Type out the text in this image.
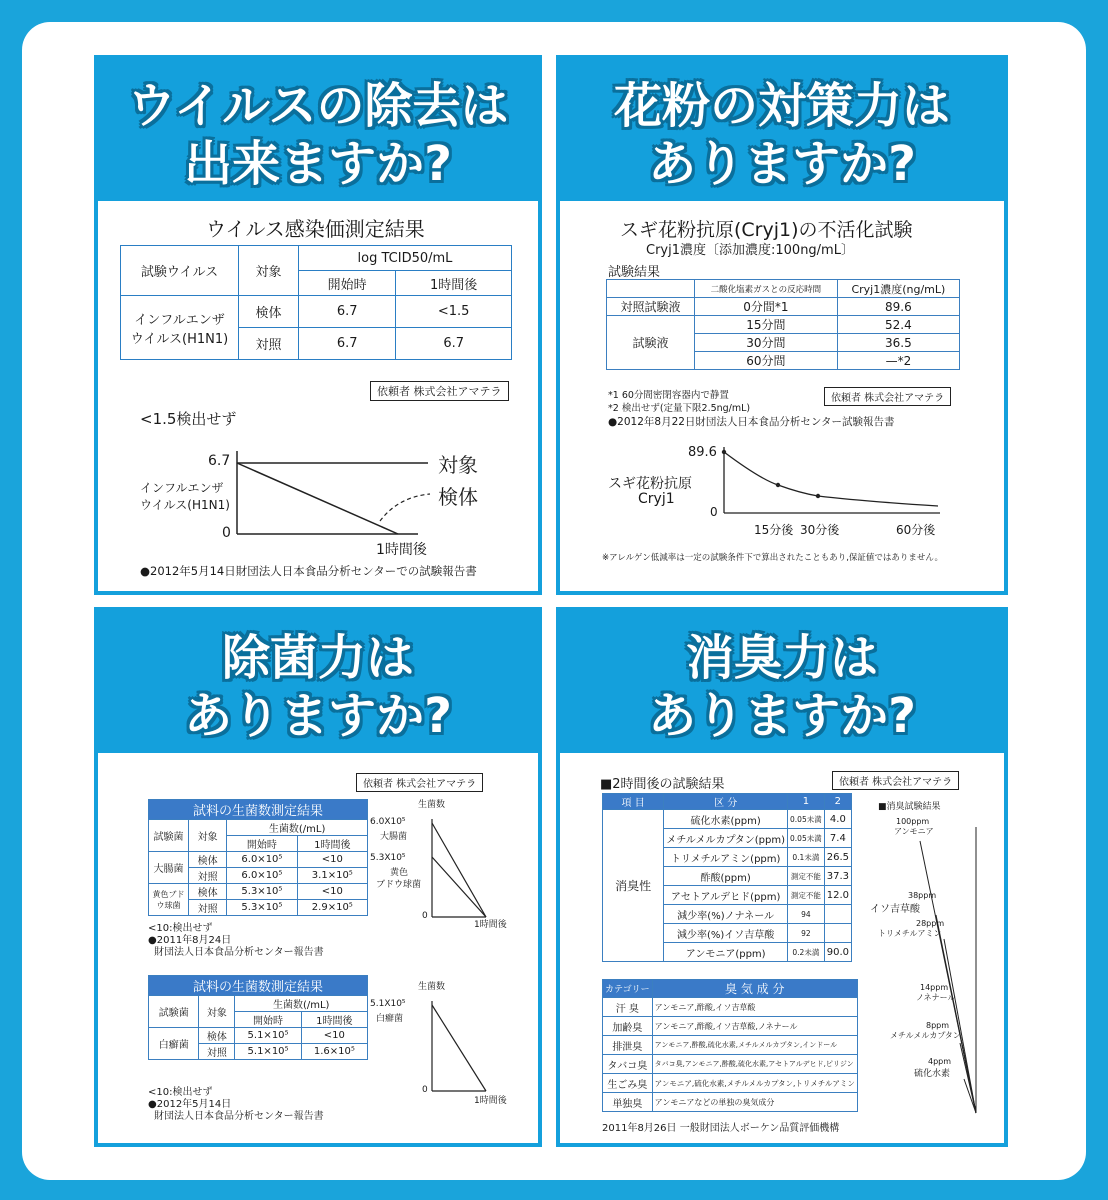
ウイルスの除去は
出来ますか?
ウイルス感染価測定結果
試験ウイルス	対象	log TCID50/mL	
		開始時	1時間後
インフルエンザ
ウイルス(H1N1)	検体	6.7	<1.5
	対照	6.7	6.7
依頼者 株式会社アマテラ
<1.5検出せず
6.7
インフルエンザ
ウイルス(H1N1)
0
対象
検体
1時間後
●2012年5月14日財団法人日本食品分析センターでの試験報告書
花粉の対策力は
ありますか?
スギ花粉抗原(Cryj1)の不活化試験
Cryj1濃度〔添加濃度:100ng/mL〕
試験結果
	二酸化塩素ガスとの反応時間	Cryj1濃度(ng/mL)
対照試験液	0分間*1	89.6
試験液	15分間	52.4
	30分間	36.5
	60分間	—*2
*1 60分間密閉容器内で静置
*2 検出せず(定量下限2.5ng/mL)
依頼者 株式会社アマテラ
●2012年8月22日財団法人日本食品分析センター試験報告書
89.6
スギ花粉抗原
Cryj1
0
15分後 30分後	60分後
※アレルゲン低減率は一定の試験条件下で算出されたこともあり,保証値ではありません。
除菌力は
ありますか?
依頼者 株式会社アマテラ
試料の生菌数測定結果			
試験菌	対象	生菌数(/mL)	
		開始時	1時間後
大腸菌	検体	6.0×10⁵	<10
	対照	6.0×10⁵	3.1×10⁵
黄色ブドウ球菌	検体	5.3×10⁵	<10
	対照	5.3×10⁵	2.9×10⁵
生菌数
6.0X10⁵
大腸菌
5.3X10⁵
黄色
ブドウ球菌
0
1時間後
<10:検出せず
●2011年8月24日
財団法人日本食品分析センター報告書
試料の生菌数測定結果			
試験菌	対象	生菌数(/mL)	
		開始時	1時間後
白癬菌	検体	5.1×10⁵	<10
	対照	5.1×10⁵	1.6×10⁵
生菌数
5.1X10⁵
白癬菌
0
1時間後
<10:検出せず
●2012年5月14日
財団法人日本食品分析センター報告書
消臭力は
ありますか?
■2時間後の試験結果	依頼者 株式会社アマテラ
項 目	区 分	1	2
消臭性	硫化水素(ppm)	0.05未満	4.0
	メチルメルカプタン(ppm)	0.05未満	7.4
	トリメチルアミン(ppm)	0.1未満	26.5
	酢酸(ppm)	測定不能	37.3
	アセトアルデヒド(ppm)	測定不能	12.0
	減少率(%)ノナネール	94	
	減少率(%)イソ吉草酸	92	
	アンモニア(ppm)	0.2未満	90.0
カテゴリー	臭 気 成 分
汗 臭	アンモニア,酢酸,イソ吉草酸
加齢臭	アンモニア,酢酸,イソ吉草酸,ノネナール
排泄臭	アンモニア,酢酸,硫化水素,メチルメルカプタン,インドール
タバコ臭	タバコ臭,アンモニア,酢酸,硫化水素,アセトアルデヒド,ピリジン
生ごみ臭	アンモニア,硫化水素,メチルメルカプタン,トリメチルアミン
単独臭	アンモニアなどの単独の臭気成分
■消臭試験結果
100ppm
アンモニア
38ppm
イソ吉草酸
28ppm
トリメチルアミン
14ppm
ノネナール
8ppm
メチルメルカプタン
4ppm
硫化水素
2011年8月26日 一般財団法人ボーケン品質評価機構
